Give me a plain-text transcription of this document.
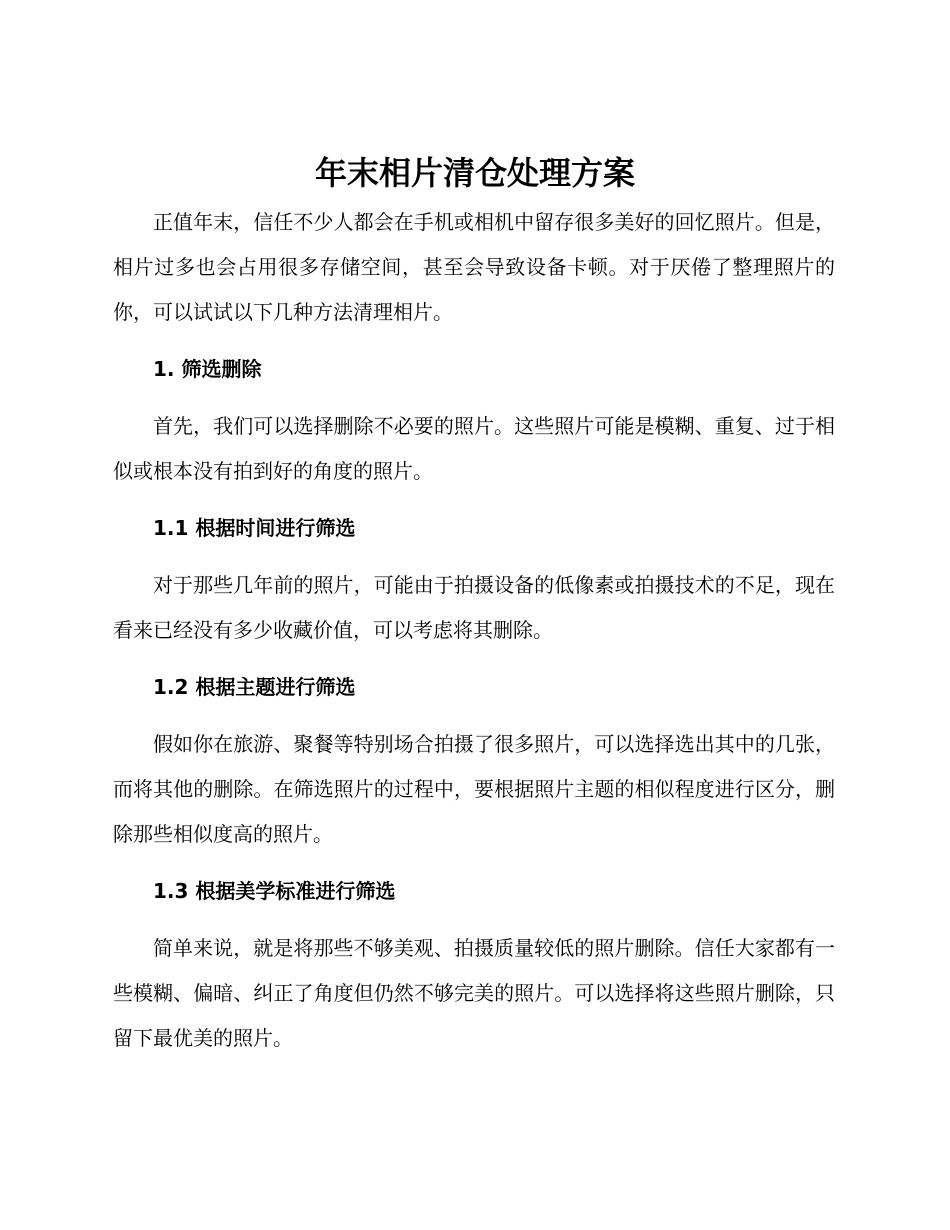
年末相片清仓处理方案

正值年末，信任不少人都会在手机或相机中留存很多美好的回忆照片。但是，相片过多也会占用很多存储空间，甚至会导致设备卡顿。对于厌倦了整理照片的你，可以试试以下几种方法清理相片。

1. 筛选删除

首先，我们可以选择删除不必要的照片。这些照片可能是模糊、重复、过于相似或根本没有拍到好的角度的照片。

1.1 根据时间进行筛选

对于那些几年前的照片，可能由于拍摄设备的低像素或拍摄技术的不足，现在看来已经没有多少收藏价值，可以考虑将其删除。

1.2 根据主题进行筛选

假如你在旅游、聚餐等特别场合拍摄了很多照片，可以选择选出其中的几张，而将其他的删除。在筛选照片的过程中，要根据照片主题的相似程度进行区分，删除那些相似度高的照片。

1.3 根据美学标准进行筛选

简单来说，就是将那些不够美观、拍摄质量较低的照片删除。信任大家都有一些模糊、偏暗、纠正了角度但仍然不够完美的照片。可以选择将这些照片删除，只留下最优美的照片。
